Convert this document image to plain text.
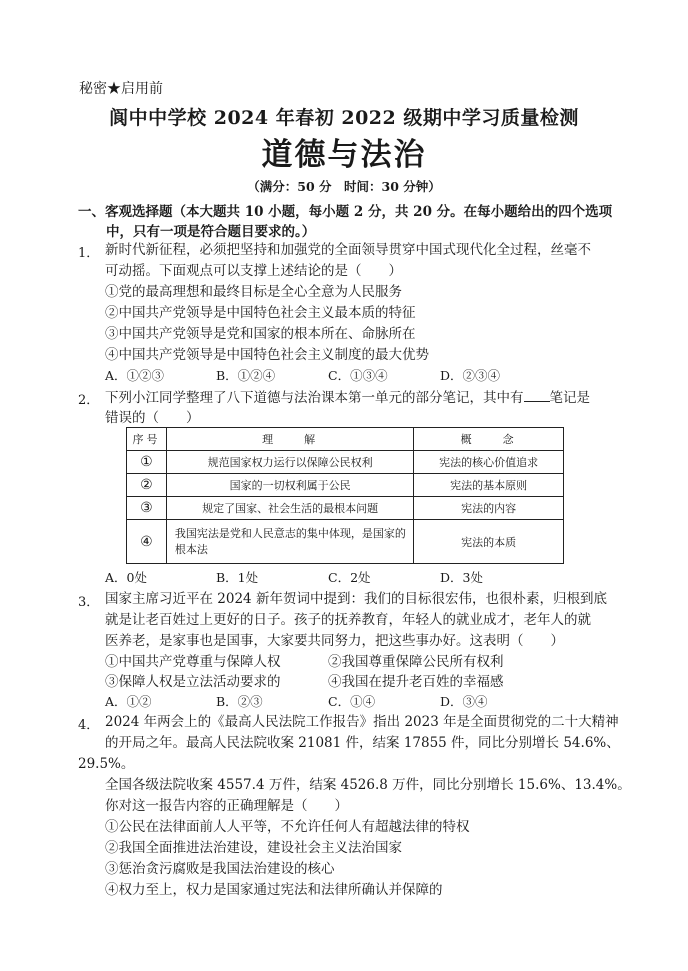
秘密★启用前
阆中中学校 2024 年春初 2022 级期中学习质量检测
道德与法治
（满分：50 分　时间：30 分钟）
一、客观选择题（本大题共 10 小题，每小题 2 分，共 20 分。在每小题给出的四个选项
中，只有一项是符合题目要求的。）
1． 新时代新征程，必须把坚持和加强党的全面领导贯穿中国式现代化全过程，丝毫不
可动摇。下面观点可以支撑上述结论的是（　　）
①党的最高理想和最终目标是全心全意为人民服务
②中国共产党领导是中国特色社会主义最本质的特征
③中国共产党领导是党和国家的根本所在、命脉所在
④中国共产党领导是中国特色社会主义制度的最大优势
A．①②③	B．①②④	C．①③④	D．②③④
2． 下列小江同学整理了八下道德与法治课本第一单元的部分笔记，其中有 笔记是
错误的（　　）
序号	理　　解	概　　念
①	规范国家权力运行以保障公民权利	宪法的核心价值追求
②	国家的一切权利属于公民	宪法的基本原则
③	规定了国家、社会生活的最根本问题	宪法的内容
④	我国宪法是党和人民意志的集中体现，是国家的根本法	宪法的本质
A．0处	B．1处	C．2处	D．3处
3． 国家主席习近平在 2024 新年贺词中提到：我们的目标很宏伟，也很朴素，归根到底
就是让老百姓过上更好的日子。孩子的抚养教育，年轻人的就业成才，老年人的就
医养老，是家事也是国事，大家要共同努力，把这些事办好。这表明（　　）
①中国共产党尊重与保障人权	②我国尊重保障公民所有权利
③保障人权是立法活动要求的	④我国在提升老百姓的幸福感
A．①②	B．②③	C．①④	D．③④
4． 2024 年两会上的《最高人民法院工作报告》指出 2023 年是全面贯彻党的二十大精神
的开局之年。最高人民法院收案 21081 件，结案 17855 件，同比分别增长 54.6%、
29.5%。
全国各级法院收案 4557.4 万件，结案 4526.8 万件，同比分别增长 15.6%、13.4%。
你对这一报告内容的正确理解是（　　）
①公民在法律面前人人平等，不允许任何人有超越法律的特权
②我国全面推进法治建设，建设社会主义法治国家
③惩治贪污腐败是我国法治建设的核心
④权力至上，权力是国家通过宪法和法律所确认并保障的
